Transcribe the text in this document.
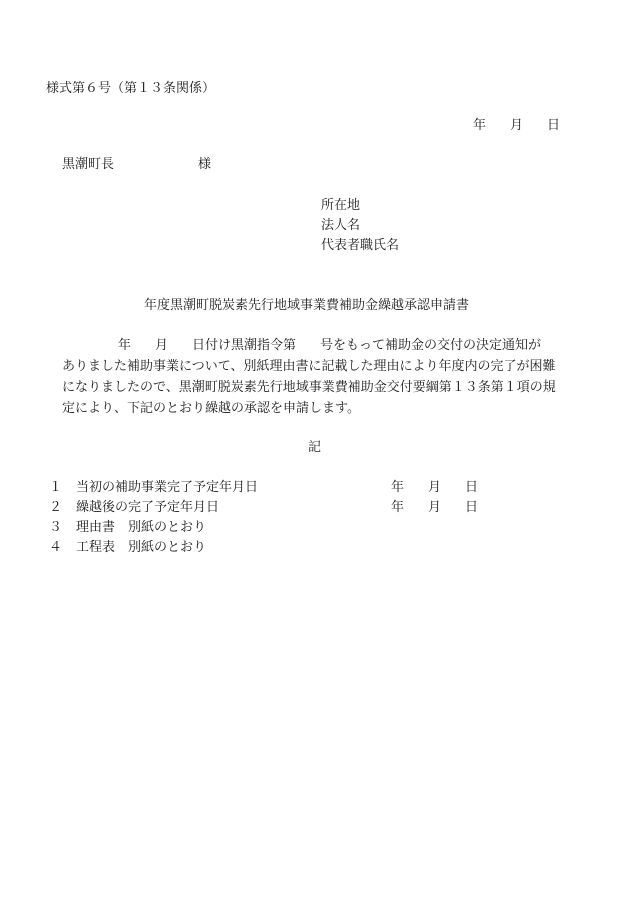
様式第６号（第１３条関係）
年 月 日
黒潮町長	様
所在地
法人名
代表者職氏名
年度黒潮町脱炭素先行地域事業費補助金繰越承認申請書
年 月 日付け黒潮指令第 号をもって補助金の交付の決定通知が
ありました補助事業について、別紙理由書に記載した理由により年度内の完了が困難
になりましたので、黒潮町脱炭素先行地域事業費補助金交付要綱第１３条第１項の規
定により、下記のとおり繰越の承認を申請します。
記
１ 当初の補助事業完了予定年月日	年 月 日
２ 繰越後の完了予定年月日	年 月 日
３ 理由書　別紙のとおり
４ 工程表　別紙のとおり
